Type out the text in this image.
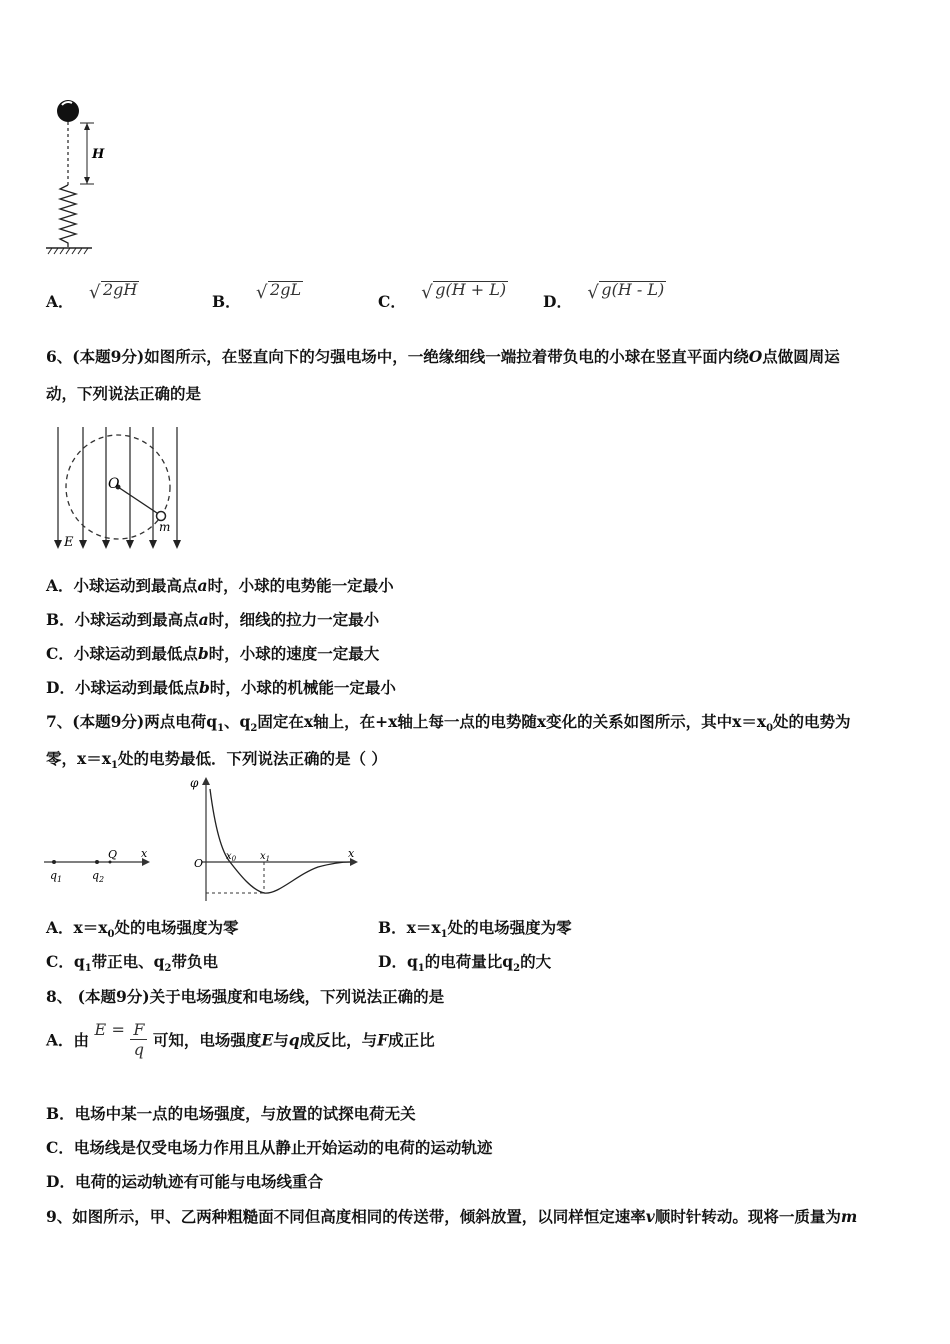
H
A． √ 2gH
B． √ 2gL
C． √ g(H + L)
D． √ g(H - L)
6、(本题9分)如图所示，在竖直向下的匀强电场中，一绝缘细线一端拉着带负电的小球在竖直平面内绕O点做圆周运
动，下列说法正确的是
O
E
m
A．小球运动到最高点a时，小球的电势能一定最小
B．小球运动到最高点a时，细线的拉力一定最小
C．小球运动到最低点b时，小球的速度一定最大
D．小球运动到最低点b时，小球的机械能一定最小
7、(本题9分)两点电荷$q_1$、$q_2$固定在x轴上，在+x轴上每一点的电势随x变化的关系如图所示，其中$x=x_0$处的电势为
零，$x=x_1$处的电势最低．下列说法正确的是（ ）
x
Q
$q_1$	$q_2$
φ
O
x
$x_0$ $x_1$
A．$x=x_0$处的电场强度为零	B．$x=x_1$处的电场强度为零
C．$q_1$带正电、$q_2$带负电	D．$q_1$的电荷量比$q_2$的大
8、 (本题9分)关于电场强度和电场线，下列说法正确的是
A．由 $E = \frac{F}{q}$ 可知，电场强度E与q成反比，与F成正比
B．电场中某一点的电场强度，与放置的试探电荷无关
C．电场线是仅受电场力作用且从静止开始运动的电荷的运动轨迹
D．电荷的运动轨迹有可能与电场线重合
9、如图所示，甲、乙两种粗糙面不同但高度相同的传送带，倾斜放置，以同样恒定速率v顺时针转动。现将一质量为m
